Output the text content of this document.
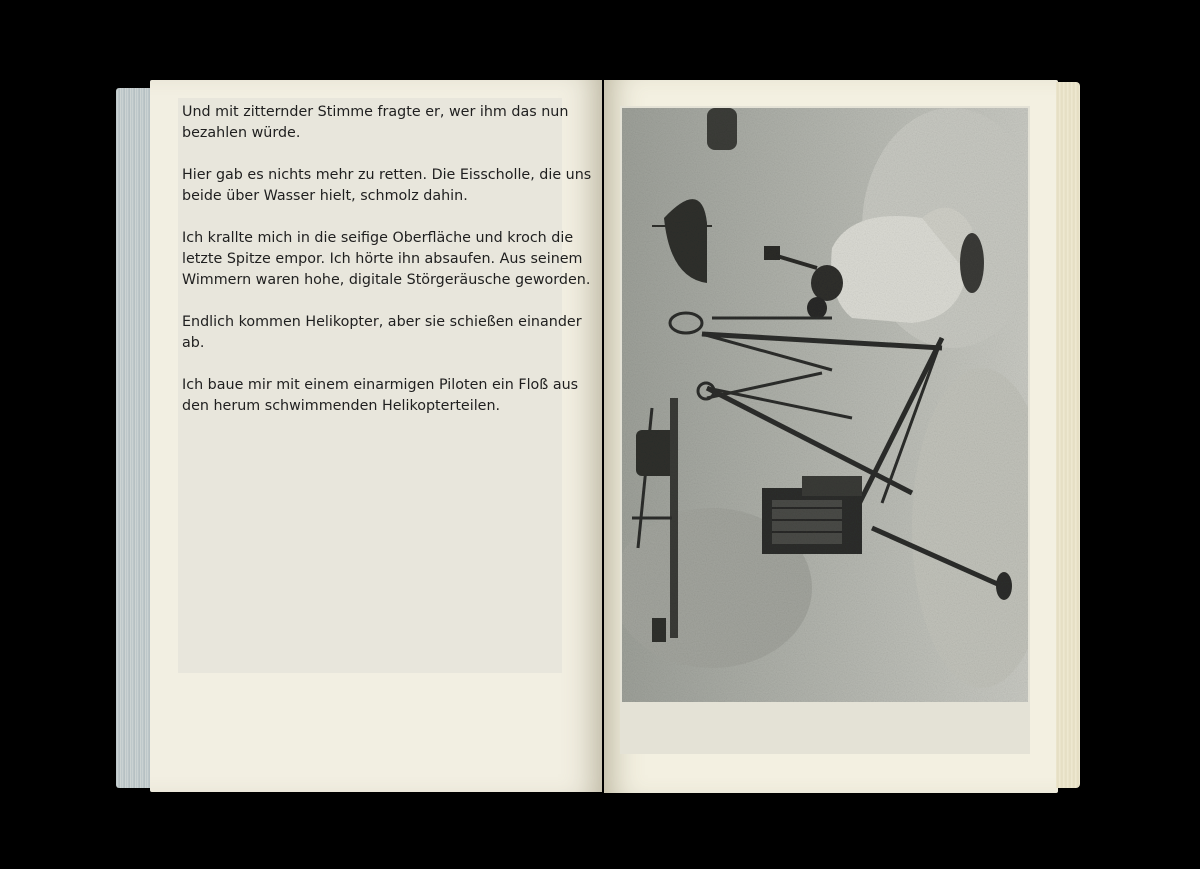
Und mit zitternder Stimme fragte er, wer ihm das nun bezahlen würde.

Hier gab es nichts mehr zu retten. Die Eisscholle, die uns beide über Wasser hielt, schmolz dahin.

Ich krallte mich in die seifige Oberfläche und kroch die letzte Spitze empor. Ich hörte ihn absaufen. Aus seinem Wimmern waren hohe, digitale Störgeräusche geworden.

Endlich kommen Helikopter, aber sie schießen einander ab.

Ich baue mir mit einem einarmigen Piloten ein Floß aus den herum schwimmenden Helikopterteilen.
